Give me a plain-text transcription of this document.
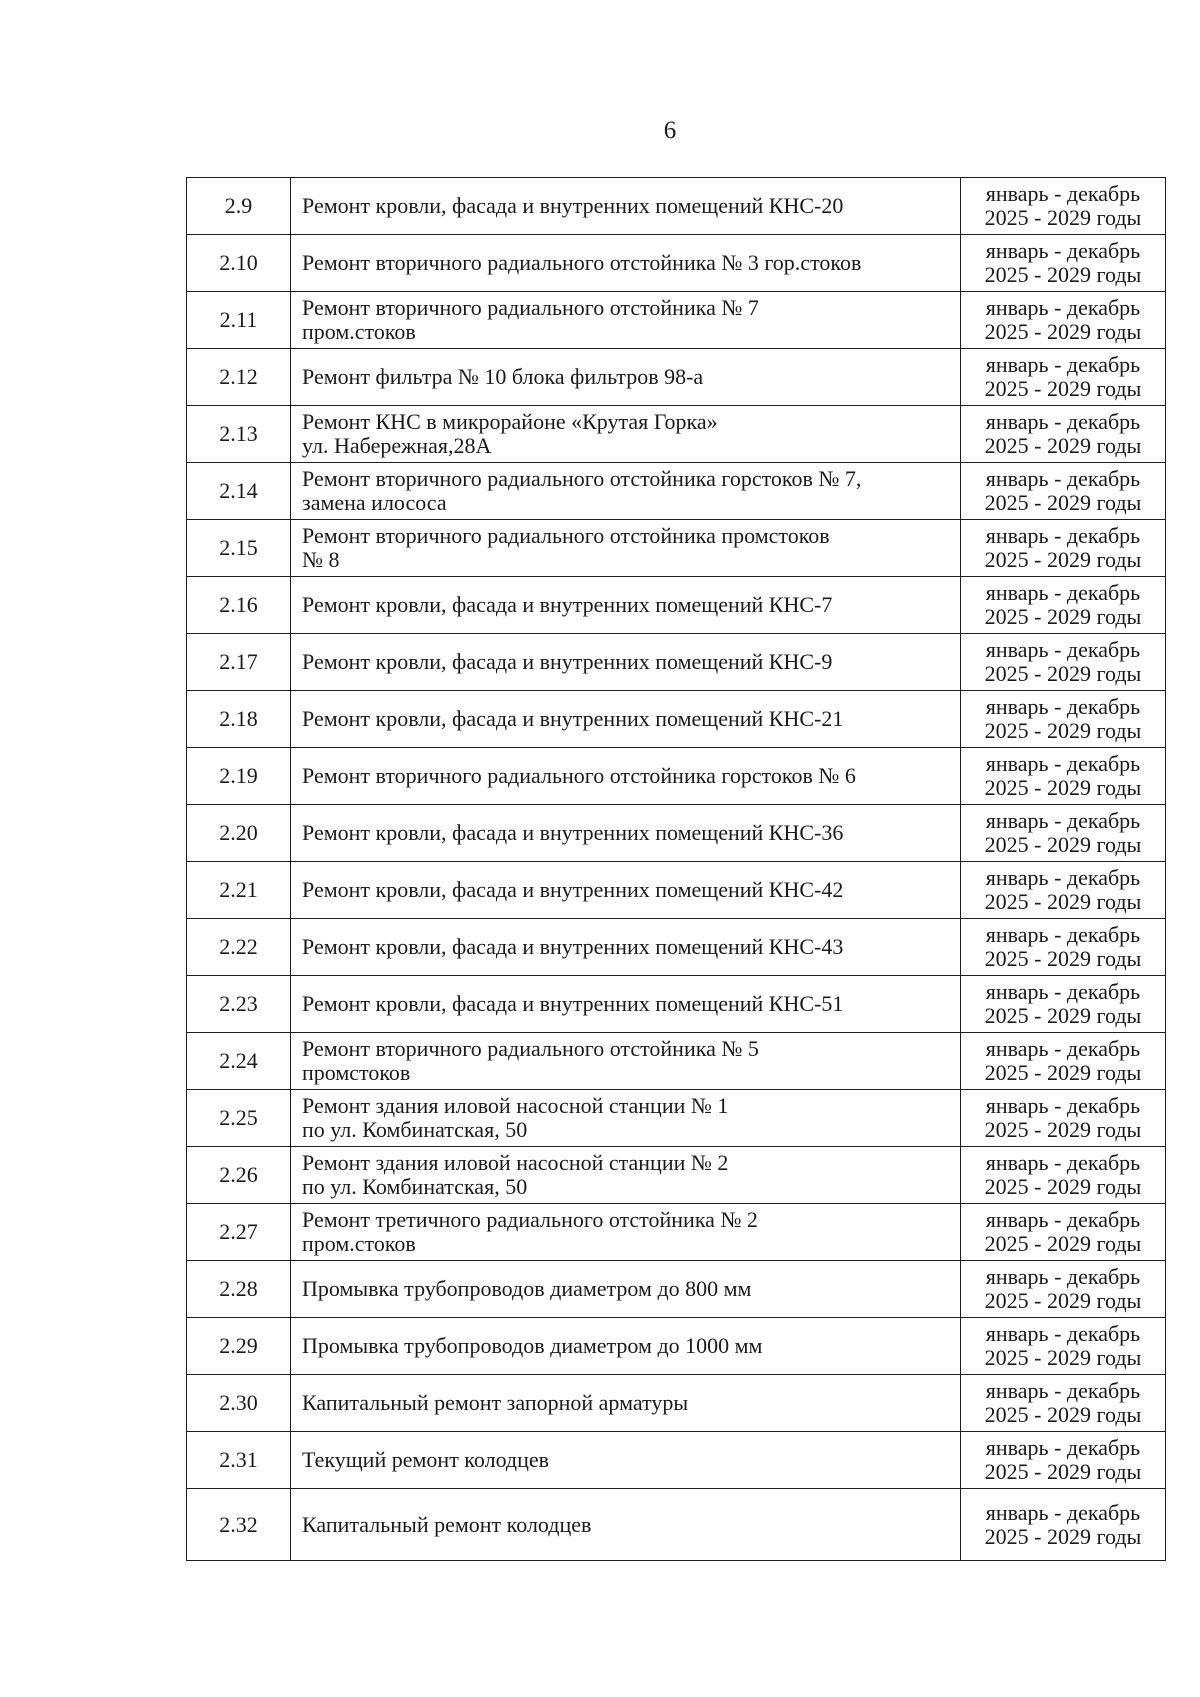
6
2.9	Ремонт кровли, фасада и внутренних помещений КНС-20	январь - декабрь
2025 - 2029 годы

2.10	Ремонт вторичного радиального отстойника № 3 гор.стоков	январь - декабрь
2025 - 2029 годы

2.11	Ремонт вторичного радиального отстойника № 7
пром.стоков	январь - декабрь
2025 - 2029 годы

2.12	Ремонт фильтра № 10 блока фильтров 98-а	январь - декабрь
2025 - 2029 годы

2.13	Ремонт КНС в микрорайоне «Крутая Горка»
ул. Набережная,28А	январь - декабрь
2025 - 2029 годы

2.14	Ремонт вторичного радиального отстойника горстоков № 7,
замена илососа	январь - декабрь
2025 - 2029 годы

2.15	Ремонт вторичного радиального отстойника промстоков
№ 8	январь - декабрь
2025 - 2029 годы

2.16	Ремонт кровли, фасада и внутренних помещений КНС-7	январь - декабрь
2025 - 2029 годы

2.17	Ремонт кровли, фасада и внутренних помещений КНС-9	январь - декабрь
2025 - 2029 годы

2.18	Ремонт кровли, фасада и внутренних помещений КНС-21	январь - декабрь
2025 - 2029 годы

2.19	Ремонт вторичного радиального отстойника горстоков № 6	январь - декабрь
2025 - 2029 годы

2.20	Ремонт кровли, фасада и внутренних помещений КНС-36	январь - декабрь
2025 - 2029 годы

2.21	Ремонт кровли, фасада и внутренних помещений КНС-42	январь - декабрь
2025 - 2029 годы

2.22	Ремонт кровли, фасада и внутренних помещений КНС-43	январь - декабрь
2025 - 2029 годы

2.23	Ремонт кровли, фасада и внутренних помещений КНС-51	январь - декабрь
2025 - 2029 годы

2.24	Ремонт вторичного радиального отстойника № 5
промстоков	январь - декабрь
2025 - 2029 годы

2.25	Ремонт здания иловой насосной станции № 1
по ул. Комбинатская, 50	январь - декабрь
2025 - 2029 годы

2.26	Ремонт здания иловой насосной станции № 2
по ул. Комбинатская, 50	январь - декабрь
2025 - 2029 годы

2.27	Ремонт третичного радиального отстойника № 2
пром.стоков	январь - декабрь
2025 - 2029 годы

2.28	Промывка трубопроводов диаметром до 800 мм	январь - декабрь
2025 - 2029 годы

2.29	Промывка трубопроводов диаметром до 1000 мм	январь - декабрь
2025 - 2029 годы

2.30	Капитальный ремонт запорной арматуры	январь - декабрь
2025 - 2029 годы

2.31	Текущий ремонт колодцев	январь - декабрь
2025 - 2029 годы

2.32	Капитальный ремонт колодцев	январь - декабрь
2025 - 2029 годы
